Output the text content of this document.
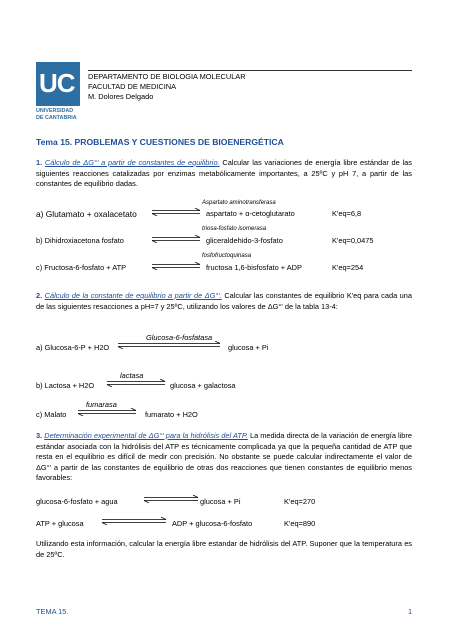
UC
UNIVERSIDAD
DE CANTABRIA
DEPARTAMENTO DE BIOLOGIA MOLECULAR
FACULTAD DE MEDICINA
M. Dolores Delgado
Tema 15. PROBLEMAS Y CUESTIONES DE BIOENERGÉTICA
1. Cálculo de ΔG°' a partir de constantes de equilibrio. Calcular las variaciones de energía libre estándar de las siguientes reacciones catalizadas por enzimas metabólicamente importantes, a 25ºC y pH 7, a partir de las constantes de equilibrio dadas.
Aspartato aminotransferasa
a) Glutamato + oxalacetato ⇌ aspartato + α-cetoglutarato	K'eq=6,8
triosa-fosfato isomerasa
b) Dihidroxiacetona fosfato ⇌ gliceraldehido-3-fosfato	K'eq=0,0475
fosfofructoquinasa
c) Fructosa-6-fosfato + ATP ⇌ fructosa 1,6-bisfosfato + ADP	K'eq=254
2. Cálculo de la constante de equilibrio a partir de ΔG°'. Calcular las constantes de equilibrio K'eq para cada una de las siguientes resacciones a pH=7 y 25ºC, utilizando los valores de ΔG°' de la tabla 13-4:
Glucosa-6-fosfatasa
a) Glucosa-6-P + H2O	glucosa + Pi
lactasa
b) Lactosa + H2O ⇌ glucosa + galactosa
fumarasa
c) Malato ⇌ fumarato + H2O
3. Determinación experimental de ΔG°' para la hidrólisis del ATP. La medida directa de la variación de energía libre estándar asociada con la hidrólisis del ATP es técnicamente complicada ya que la pequeña cantidad de ATP que resta en el equilibrio es difícil de medir con precisión. No obstante se puede calcular indirectamente el valor de ΔG°' a partir de las constantes de equilibrio de otras dos reacciones que tienen constantes de equilibrio menos favorables:
glucosa-6-fosfato + agua ⇌ glucosa + Pi	K'eq=270
ATP + glucosa	ADP + glucosa-6-fosfato	K'eq=890
Utilizando esta información, calcular la energía libre estandar de hidrólisis del ATP. Suponer que la temperatura es de 25ºC.
TEMA 15.	1
